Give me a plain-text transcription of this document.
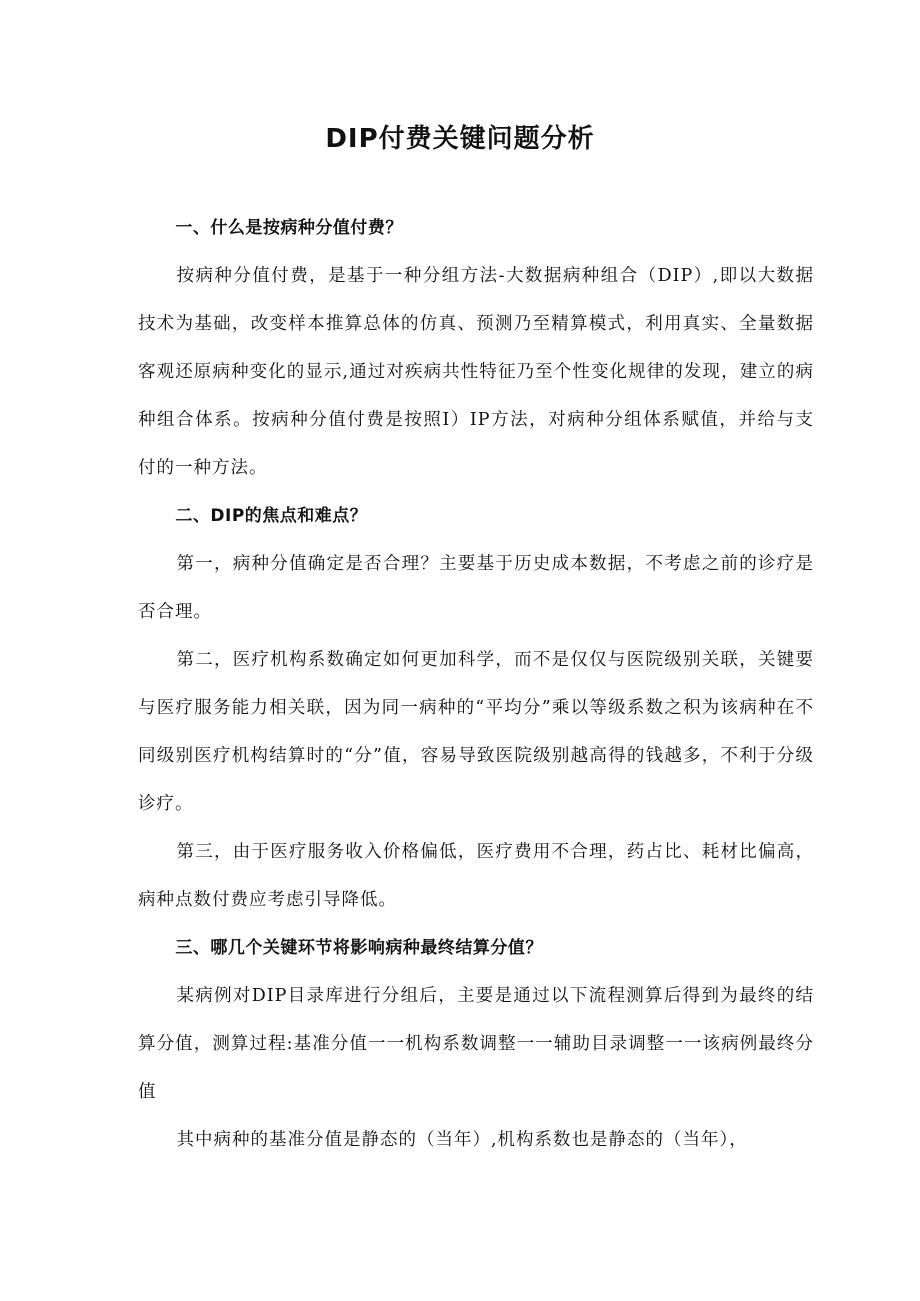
DIP付费关键问题分析

一、什么是按病种分值付费？

按病种分值付费，是基于一种分组方法-大数据病种组合（DIP）,即以大数据技术为基础，改变样本推算总体的仿真、预测乃至精算模式，利用真实、全量数据客观还原病种变化的显示,通过对疾病共性特征乃至个性变化规律的发现，建立的病种组合体系。按病种分值付费是按照I）IP方法，对病种分组体系赋值，并给与支付的一种方法。

二、DIP的焦点和难点？

第一，病种分值确定是否合理？主要基于历史成本数据，不考虑之前的诊疗是否合理。

第二，医疗机构系数确定如何更加科学，而不是仅仅与医院级别关联，关键要与医疗服务能力相关联，因为同一病种的“平均分”乘以等级系数之积为该病种在不同级别医疗机构结算时的“分”值，容易导致医院级别越高得的钱越多，不利于分级诊疗。

第三，由于医疗服务收入价格偏低，医疗费用不合理，药占比、耗材比偏高，病种点数付费应考虑引导降低。

三、哪几个关键环节将影响病种最终结算分值？

某病例对DIP目录库进行分组后，主要是通过以下流程测算后得到为最终的结算分值，测算过程:基准分值一一机构系数调整一一辅助目录调整一一该病例最终分值

其中病种的基准分值是静态的（当年）,机构系数也是静态的（当年），
